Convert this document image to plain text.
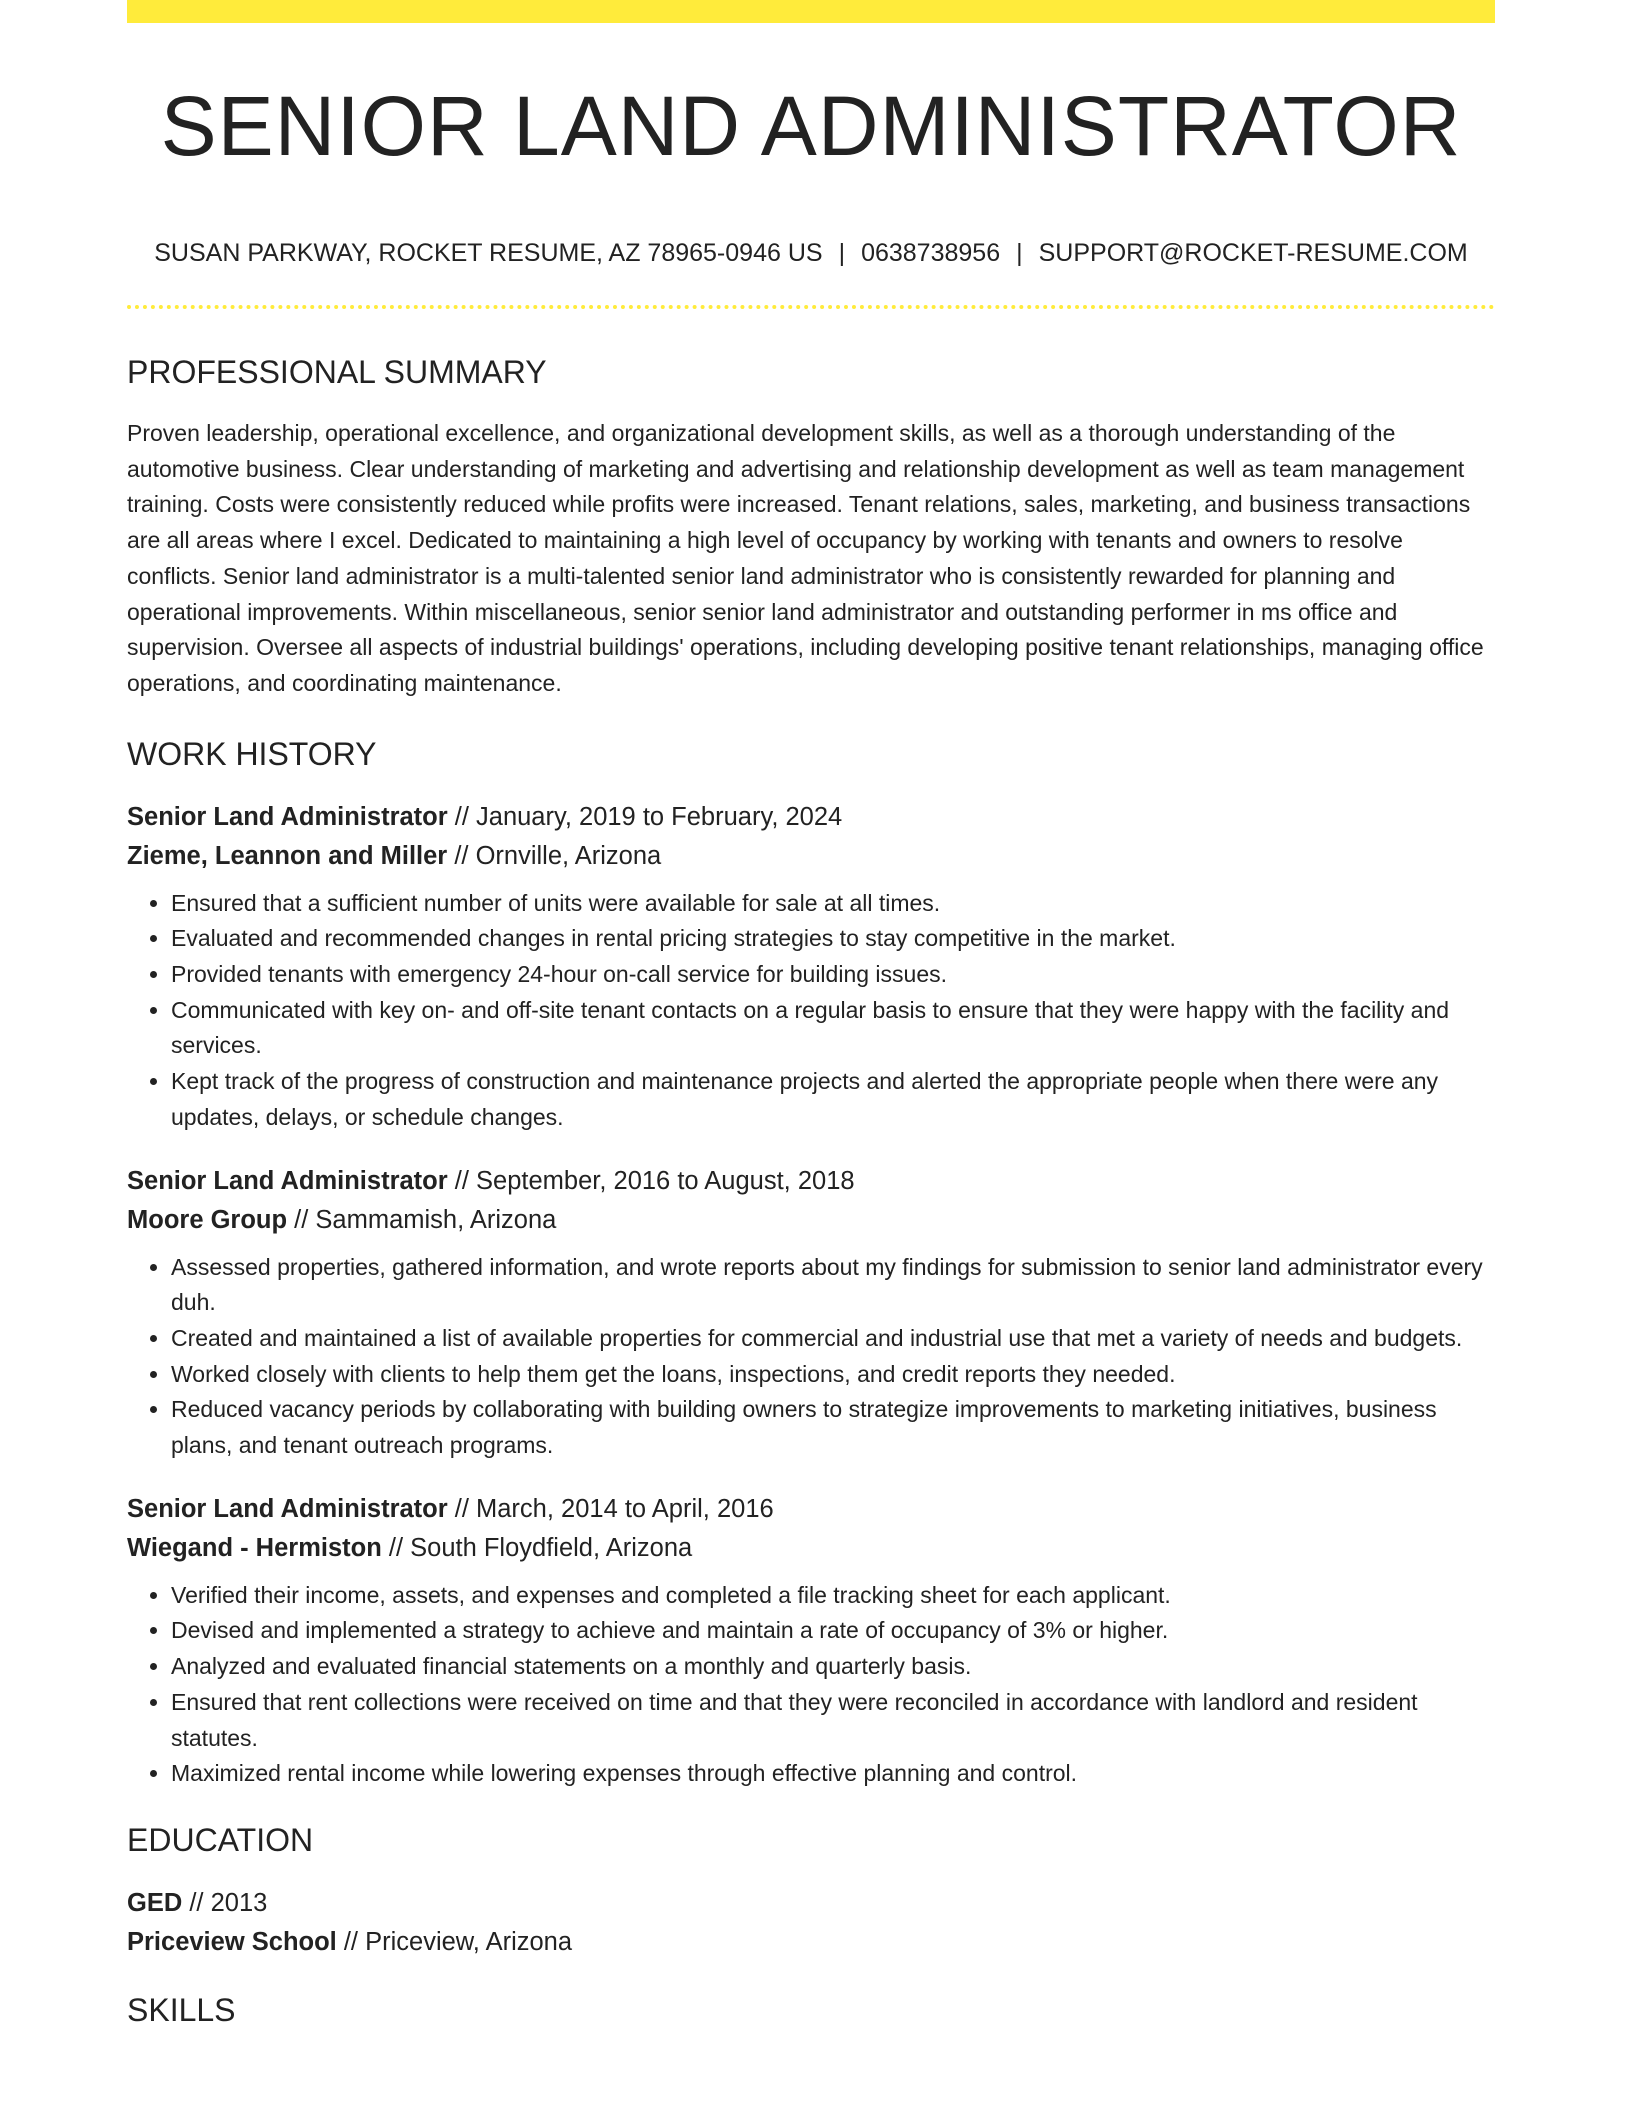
SENIOR LAND ADMINISTRATOR
SUSAN PARKWAY, ROCKET RESUME, AZ 78965-0946 US | 0638738956 | SUPPORT@ROCKET-RESUME.COM
PROFESSIONAL SUMMARY

Proven leadership, operational excellence, and organizational development skills, as well as a thorough understanding of the automotive business. Clear understanding of marketing and advertising and relationship development as well as team management training. Costs were consistently reduced while profits were increased. Tenant relations, sales, marketing, and business transactions are all areas where I excel. Dedicated to maintaining a high level of occupancy by working with tenants and owners to resolve conflicts. Senior land administrator is a multi-talented senior land administrator who is consistently rewarded for planning and operational improvements. Within miscellaneous, senior senior land administrator and outstanding performer in ms office and supervision. Oversee all aspects of industrial buildings' operations, including developing positive tenant relationships, managing office operations, and coordinating maintenance.

WORK HISTORY

Senior Land Administrator // January, 2019 to February, 2024

Zieme, Leannon and Miller // Ornville, Arizona

• Ensured that a sufficient number of units were available for sale at all times.
• Evaluated and recommended changes in rental pricing strategies to stay competitive in the market.
• Provided tenants with emergency 24-hour on-call service for building issues.
• Communicated with key on- and off-site tenant contacts on a regular basis to ensure that they were happy with the facility and services.
• Kept track of the progress of construction and maintenance projects and alerted the appropriate people when there were any updates, delays, or schedule changes.

Senior Land Administrator // September, 2016 to August, 2018

Moore Group // Sammamish, Arizona

• Assessed properties, gathered information, and wrote reports about my findings for submission to senior land administrator every duh.
• Created and maintained a list of available properties for commercial and industrial use that met a variety of needs and budgets.
• Worked closely with clients to help them get the loans, inspections, and credit reports they needed.
• Reduced vacancy periods by collaborating with building owners to strategize improvements to marketing initiatives, business plans, and tenant outreach programs.

Senior Land Administrator // March, 2014 to April, 2016

Wiegand - Hermiston // South Floydfield, Arizona

• Verified their income, assets, and expenses and completed a file tracking sheet for each applicant.
• Devised and implemented a strategy to achieve and maintain a rate of occupancy of 3% or higher.
• Analyzed and evaluated financial statements on a monthly and quarterly basis.
• Ensured that rent collections were received on time and that they were reconciled in accordance with landlord and resident statutes.
• Maximized rental income while lowering expenses through effective planning and control.
EDUCATION

GED // 2013

Priceview School // Priceview, Arizona

SKILLS
